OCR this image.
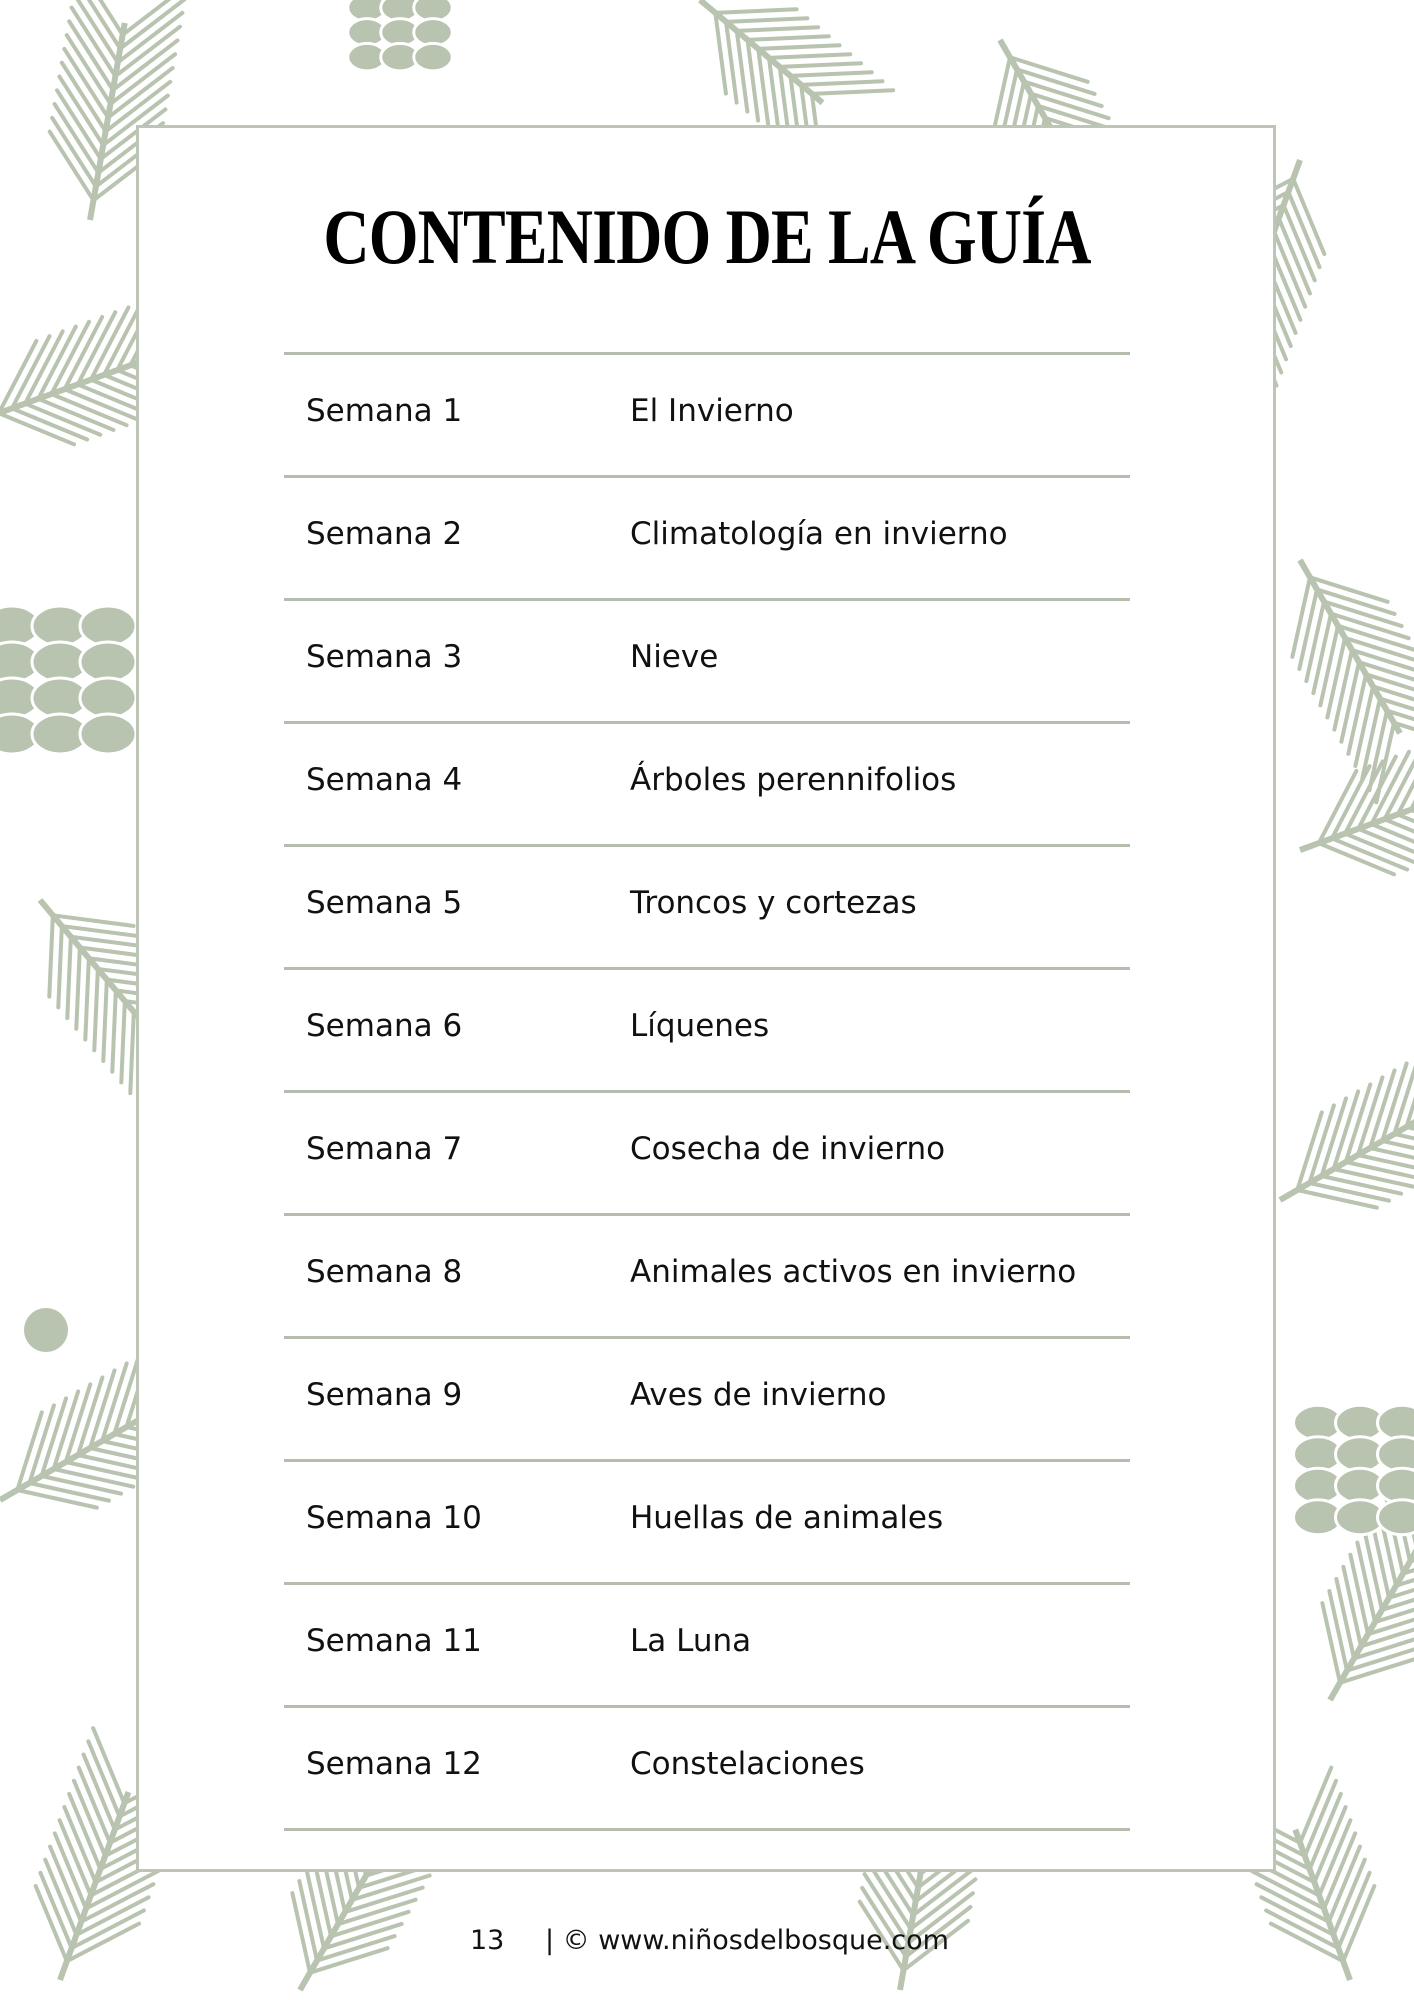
CONTENIDO DE LA GUÍA
Semana 1	El Invierno
Semana 2	Climatología en invierno
Semana 3	Nieve
Semana 4	Árboles perennifolios
Semana 5	Troncos y cortezas
Semana 6	Líquenes
Semana 7	Cosecha de invierno
Semana 8	Animales activos en invierno
Semana 9	Aves de invierno
Semana 10	Huellas de animales
Semana 11	La Luna
Semana 12	Constelaciones
13 | © www.niñosdelbosque.com
